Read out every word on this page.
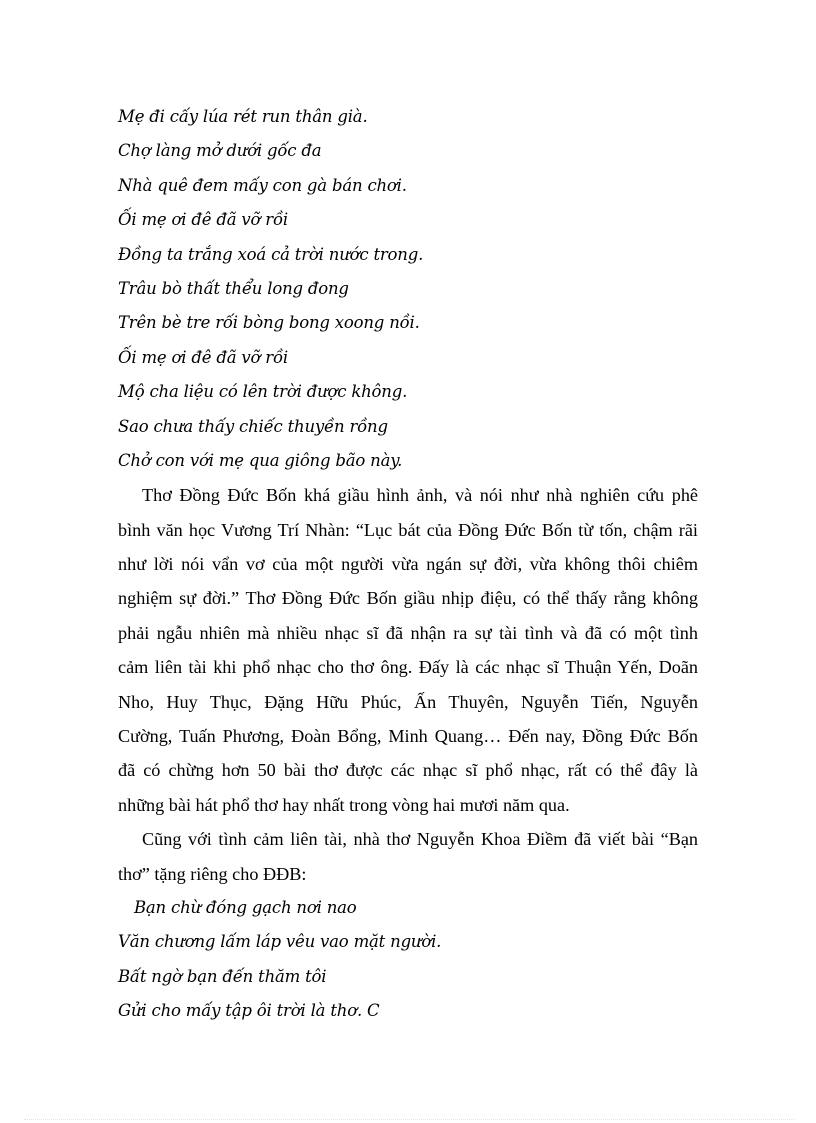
Mẹ đi cấy lúa rét run thân già.
Chợ làng mở dưới gốc đa
Nhà quê đem mấy con gà bán chơi.
Ối mẹ ơi đê đã vỡ rồi
Đồng ta trắng xoá cả trời nước trong.
Trâu bò thất thểu long đong
Trên bè tre rối bòng bong xoong nồi.
Ối mẹ ơi đê đã vỡ rồi
Mộ cha liệu có lên trời được không.
Sao chưa thấy chiếc thuyền rồng
Chở con với mẹ qua giông bão này.
Thơ Đồng Đức Bốn khá giầu hình ảnh, và nói như nhà nghiên cứu phê
bình văn học Vương Trí Nhàn: “Lục bát của Đồng Đức Bốn từ tốn, chậm rãi
như lời nói vẩn vơ của một người vừa ngán sự đời, vừa không thôi chiêm
nghiệm sự đời.” Thơ Đồng Đức Bốn giầu nhịp điệu, có thể thấy rằng không
phải ngẫu nhiên mà nhiều nhạc sĩ đã nhận ra sự tài tình và đã có một tình
cảm liên tài khi phổ nhạc cho thơ ông. Đấy là các nhạc sĩ Thuận Yến, Doãn
Nho, Huy Thục, Đặng Hữu Phúc, Ấn Thuyên, Nguyễn Tiến, Nguyễn
Cường, Tuấn Phương, Đoàn Bổng, Minh Quang… Đến nay, Đồng Đức Bốn
đã có chừng hơn 50 bài thơ được các nhạc sĩ phổ nhạc, rất có thể đây là
những bài hát phổ thơ hay nhất trong vòng hai mươi năm qua.
Cũng với tình cảm liên tài, nhà thơ Nguyễn Khoa Điềm đã viết bài “Bạn
thơ” tặng riêng cho ĐĐB:
Bạn chừ đóng gạch nơi nao
Văn chương lấm láp vêu vao mặt người.
Bất ngờ bạn đến thăm tôi
Gửi cho mấy tập ôi trời là thơ. C
